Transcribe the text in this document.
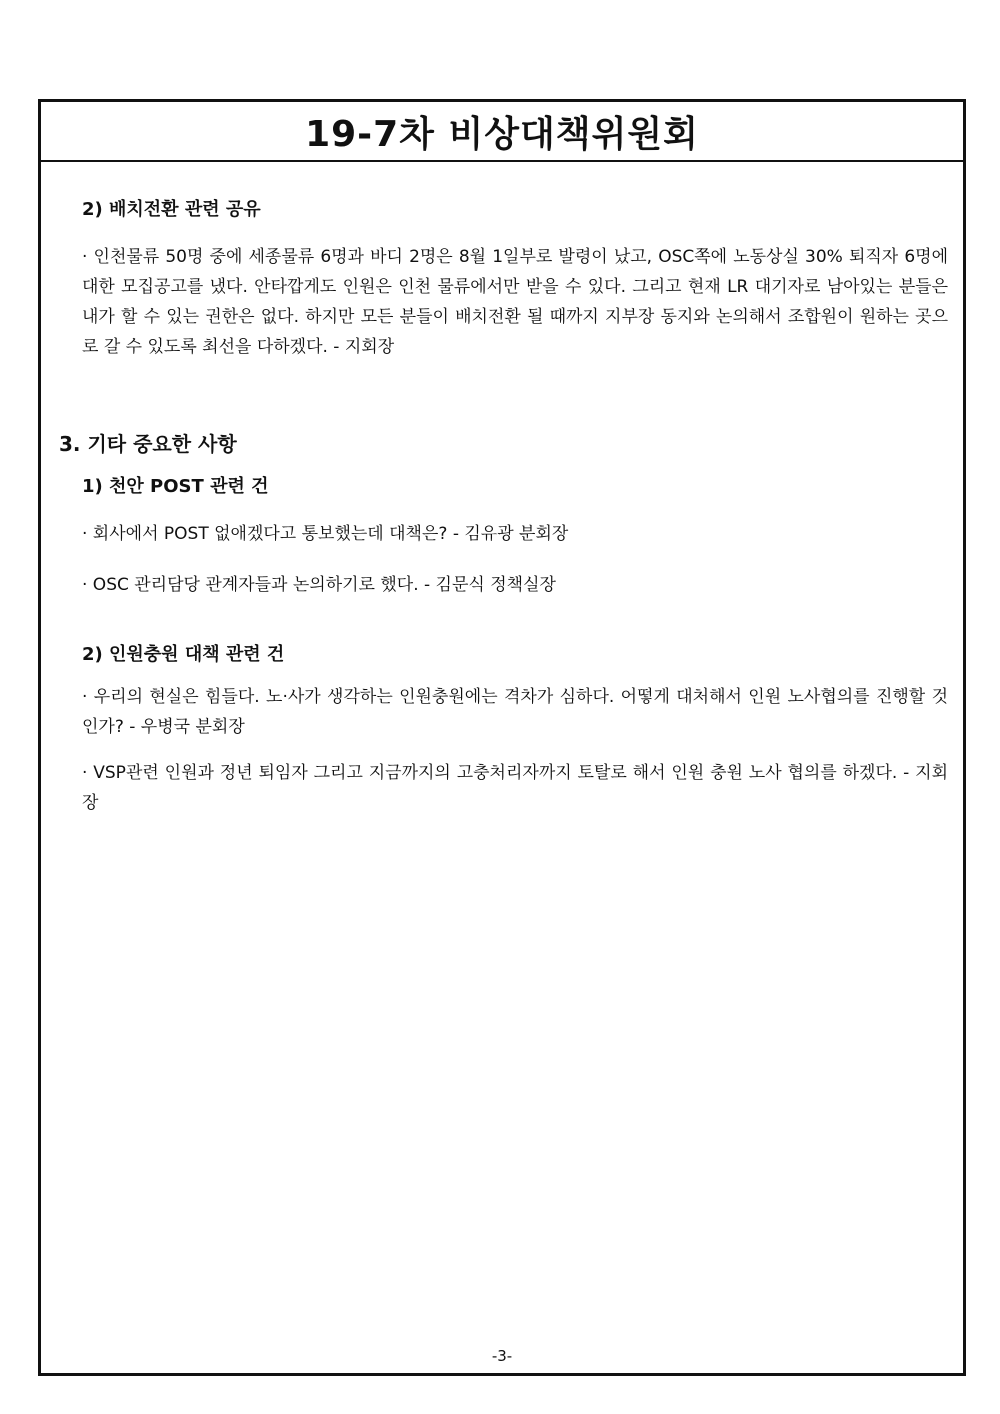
19-7차 비상대책위원회
2) 배치전환 관련 공유
· 인천물류 50명 중에 세종물류 6명과 바디 2명은 8월 1일부로 발령이 났고, OSC쪽에 노동상실 30% 퇴직자 6명에 대한 모집공고를 냈다. 안타깝게도 인원은 인천 물류에서만 받을 수 있다. 그리고 현재 LR 대기자로 남아있는 분들은 내가 할 수 있는 권한은 없다. 하지만 모든 분들이 배치전환 될 때까지 지부장 동지와 논의해서 조합원이 원하는 곳으로 갈 수 있도록 최선을 다하겠다. - 지회장
3. 기타 중요한 사항
1) 천안 POST 관련 건
· 회사에서 POST 없애겠다고 통보했는데 대책은? - 김유광 분회장
· OSC 관리담당 관계자들과 논의하기로 했다. - 김문식 정책실장
2) 인원충원 대책 관련 건
· 우리의 현실은 힘들다. 노·사가 생각하는 인원충원에는 격차가 심하다. 어떻게 대처해서 인원 노사협의를 진행할 것인가? - 우병국 분회장
· VSP관련 인원과 정년 퇴임자 그리고 지금까지의 고충처리자까지 토탈로 해서 인원 충원 노사 협의를 하겠다. - 지회장
-3-
